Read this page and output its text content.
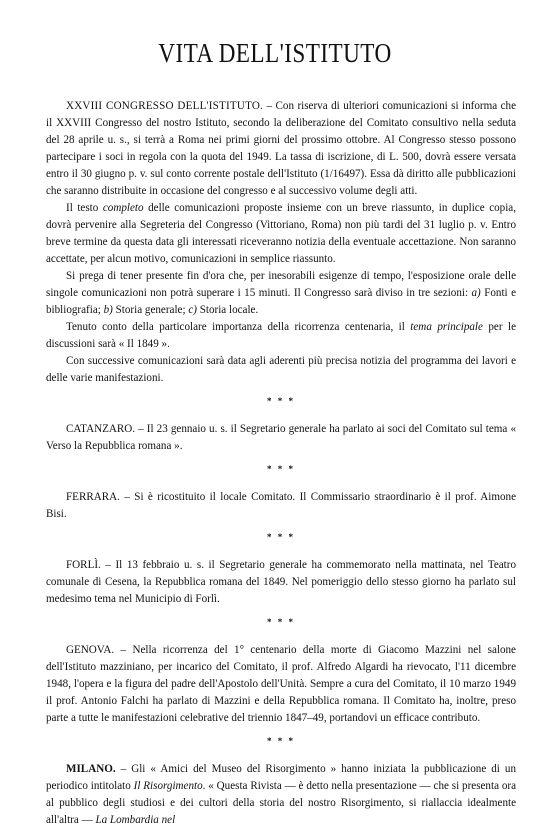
VITA DELL'ISTITUTO

XXVIII CONGRESSO DELL'ISTITUTO. – Con riserva di ulteriori comunicazioni si informa che il XXVIII Congresso del nostro Istituto, secondo la deliberazione del Comitato consultivo nella seduta del 28 aprile u. s., si terrà a Roma nei primi giorni del prossimo ottobre. Al Congresso stesso possono partecipare i soci in regola con la quota del 1949. La tassa di iscrizione, di L. 500, dovrà essere versata entro il 30 giugno p. v. sul conto corrente postale dell'Istituto (1/16497). Essa dà diritto alle pubblicazioni che saranno distribuite in occasione del congresso e al successivo volume degli atti.

Il testo completo delle comunicazioni proposte insieme con un breve riassunto, in duplice copia, dovrà pervenire alla Segreteria del Congresso (Vittoriano, Roma) non più tardi del 31 luglio p. v. Entro breve termine da questa data gli interessati riceveranno notizia della eventuale accettazione. Non saranno accettate, per alcun motivo, comunicazioni in semplice riassunto.

Si prega di tener presente fin d'ora che, per inesorabili esigenze di tempo, l'esposizione orale delle singole comunicazioni non potrà superare i 15 minuti. Il Congresso sarà diviso in tre sezioni: a) Fonti e bibliografia; b) Storia generale; c) Storia locale.

Tenuto conto della particolare importanza della ricorrenza centenaria, il tema principale per le discussioni sarà « Il 1849 ».

Con successive comunicazioni sarà data agli aderenti più precisa notizia del programma dei lavori e delle varie manifestazioni.

* * *

CATANZARO. – Il 23 gennaio u. s. il Segretario generale ha parlato ai soci del Comitato sul tema « Verso la Repubblica romana ».

* * *

FERRARA. – Si è ricostituito il locale Comitato. Il Commissario straordinario è il prof. Aimone Bisi.

* * *

FORLÌ. – Il 13 febbraio u. s. il Segretario generale ha commemorato nella mattinata, nel Teatro comunale di Cesena, la Repubblica romana del 1849. Nel pomeriggio dello stesso giorno ha parlato sul medesimo tema nel Municipio di Forlì.

* * *

GENOVA. – Nella ricorrenza del 1° centenario della morte di Giacomo Mazzini nel salone dell'Istituto mazziniano, per incarico del Comitato, il prof. Alfredo Algardi ha rievocato, l'11 dicembre 1948, l'opera e la figura del padre dell'Apostolo dell'Unità. Sempre a cura del Comitato, il 10 marzo 1949 il prof. Antonio Falchi ha parlato di Mazzini e della Repubblica romana. Il Comitato ha, inoltre, preso parte a tutte le manifestazioni celebrative del triennio 1847–49, portandovi un efficace contributo.

* * *

MILANO. – Gli « Amici del Museo del Risorgimento » hanno iniziata la pubblicazione di un periodico intitolato Il Risorgimento. « Questa Rivista — è detto nella presentazione — che si presenta ora al pubblico degli studiosi e dei cultori della storia del nostro Risorgimento, si riallaccia idealmente all'altra — La Lombardia nel
